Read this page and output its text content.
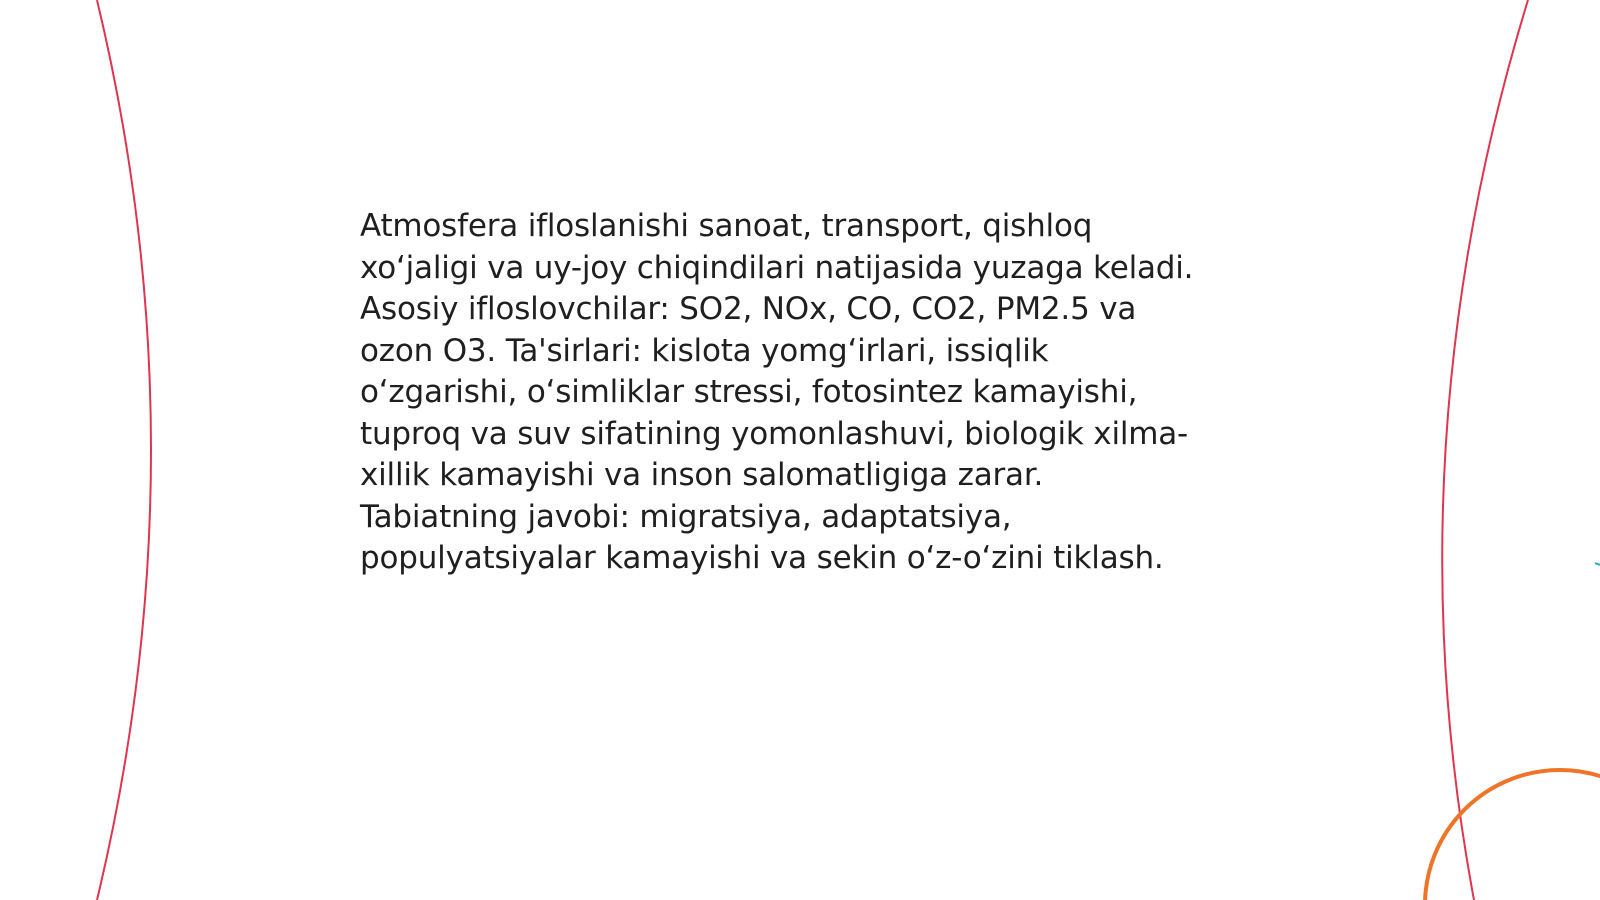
Atmosfera ifloslanishi sanoat, transport, qishloq
xo‘jaligi va uy-joy chiqindilari natijasida yuzaga keladi.
Asosiy ifloslovchilar: SO2, NOx, CO, CO2, PM2.5 va
ozon O3. Ta'sirlari: kislota yomg‘irlari, issiqlik
o‘zgarishi, o‘simliklar stressi, fotosintez kamayishi,
tuproq va suv sifatining yomonlashuvi, biologik xilma-
xillik kamayishi va inson salomatligiga zarar.
Tabiatning javobi: migratsiya, adaptatsiya,
populyatsiyalar kamayishi va sekin o‘z-o‘zini tiklash.
